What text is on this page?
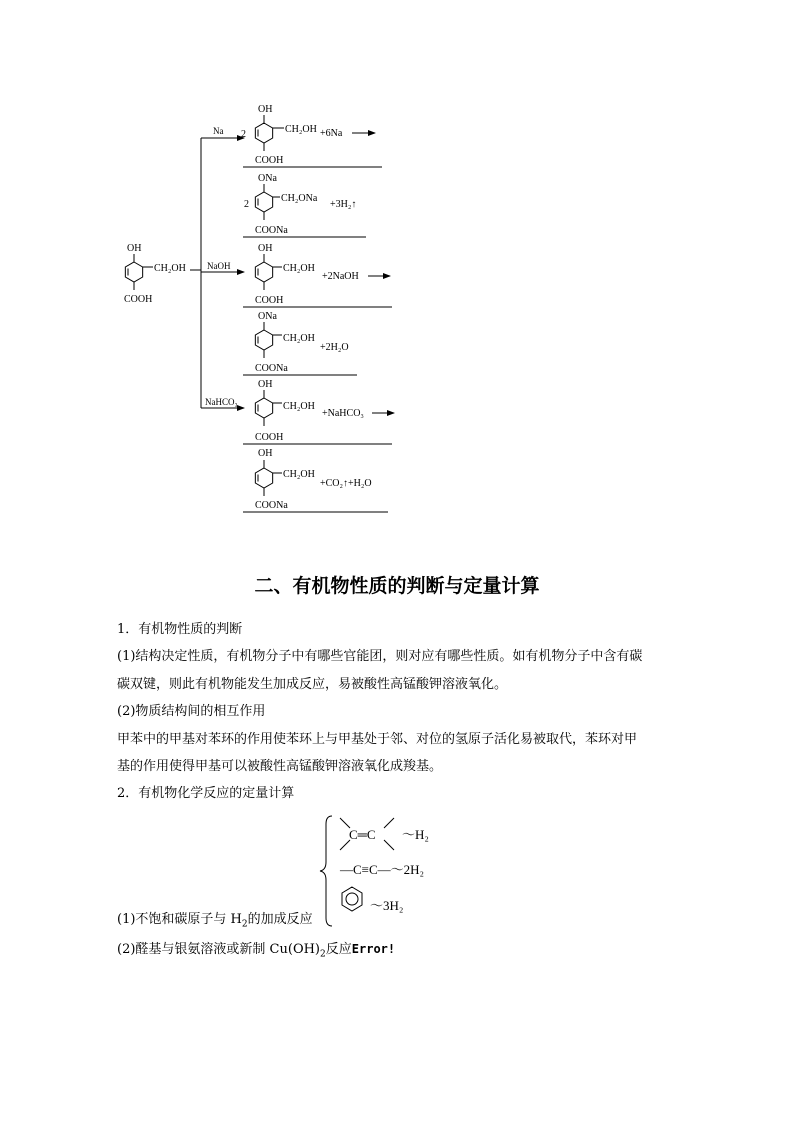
OH
CH₂OH
COOH
Na
NaOH
NaHCO₃
2
OH
CH₂OH +6Na
COOH
2
ONa
CH₂ONa
+3H₂↑
COONa
OH
CH₂OH
+2NaOH
COOH
ONa
CH₂OH
+2H₂O
COONa
OH
CH₂OH
+NaHCO₃
COOH
OH
CH₂OH
+CO₂↑+H₂O
COONa
二、有机物性质的判断与定量计算
1．有机物性质的判断
(1)结构决定性质，有机物分子中有哪些官能团，则对应有哪些性质。如有机物分子中含有碳
碳双键，则此有机物能发生加成反应，易被酸性高锰酸钾溶液氧化。
(2)物质结构间的相互作用
甲苯中的甲基对苯环的作用使苯环上与甲基处于邻、对位的氢原子活化易被取代，苯环对甲
基的作用使得甲基可以被酸性高锰酸钾溶液氧化成羧基。
2．有机物化学反应的定量计算
C═C ～H₂
—C≡C—～2H₂
～3H₂
(1)不饱和碳原子与 $H_2$的加成反应
(2)醛基与银氨溶液或新制 $Cu(OH)_2$反应Error!
